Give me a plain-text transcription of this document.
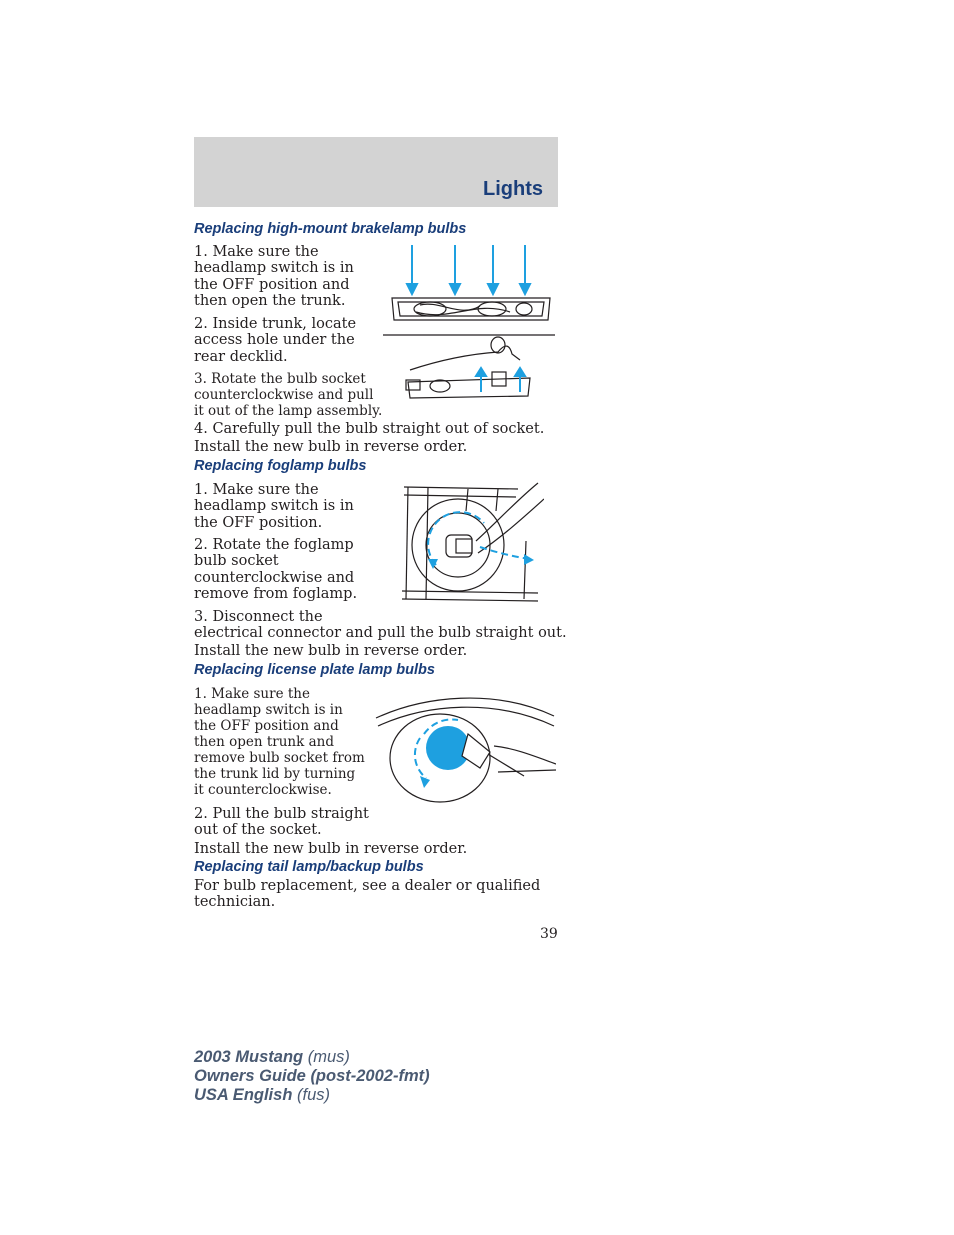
Lights
Replacing high-mount brakelamp bulbs
1. Make sure the
headlamp switch is in
the OFF position and
then open the trunk.
2. Inside trunk, locate
access hole under the
rear decklid.
3. Rotate the bulb socket
counterclockwise and pull
it out of the lamp assembly.
4. Carefully pull the bulb straight out of socket.
Install the new bulb in reverse order.
Replacing foglamp bulbs
1. Make sure the
headlamp switch is in
the OFF position.
2. Rotate the foglamp
bulb socket
counterclockwise and
remove from foglamp.
3. Disconnect the
electrical connector and pull the bulb straight out.
Install the new bulb in reverse order.
Replacing license plate lamp bulbs
1. Make sure the
headlamp switch is in
the OFF position and
then open trunk and
remove bulb socket from
the trunk lid by turning
it counterclockwise.
2. Pull the bulb straight
out of the socket.
Install the new bulb in reverse order.
Replacing tail lamp/backup bulbs
For bulb replacement, see a dealer or qualified
technician.
39
2003 Mustang (mus)
Owners Guide (post-2002-fmt)
USA English (fus)
